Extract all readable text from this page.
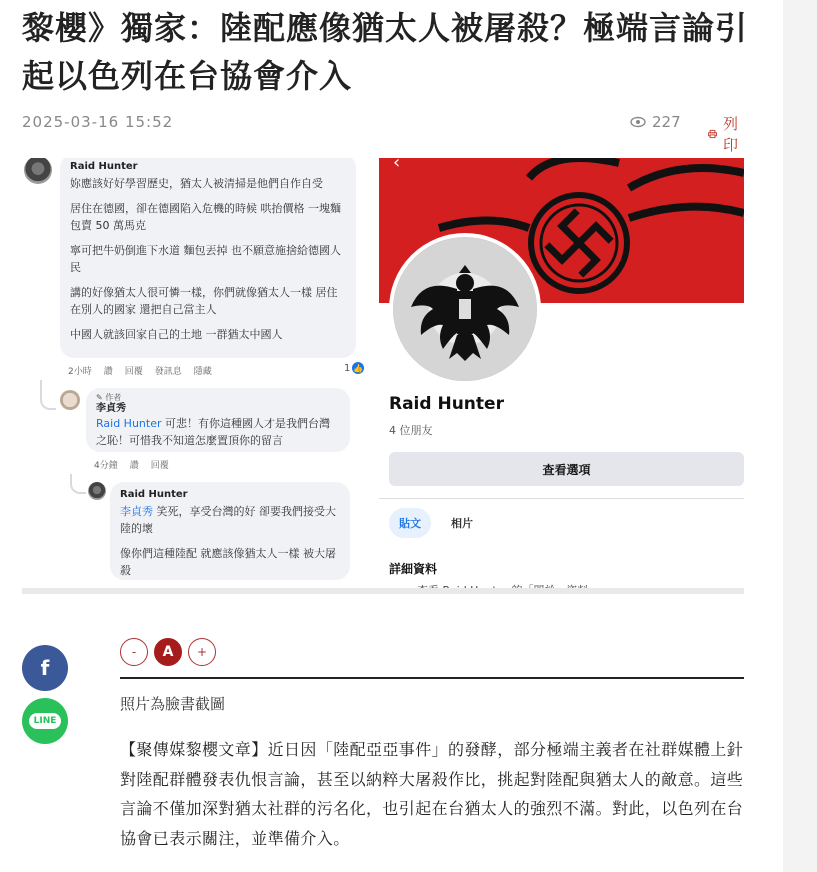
黎櫻》獨家：陸配應像猶太人被屠殺？極端言論引起以色列在台協會介入
2025-03-16 15:52	227	列 印
Raid Hunter

妳應該好好學習歷史，猶太人被清掃是他們自作自受

居住在德國，卻在德國陷入危機的時候 哄抬價格 一塊麵包賣 50 萬馬克

寧可把牛奶倒進下水道 麵包丟掉 也不願意施捨給德國人民

講的好像猶太人很可憐一樣，你們就像猶太人一樣 居住在別人的國家 還把自己當主人

中國人就該回家自己的土地 一群猶太中國人

2小時 讚 回覆 發訊息 隱藏	1 👍
✎ 作者
李貞秀
Raid Hunter 可悲！有你這種國人才是我們台灣之恥！可惜我不知道怎麼置頂你的留言
4分鐘 讚 回覆
Raid Hunter

李貞秀 笑死，享受台灣的好 卻要我們接受大陸的壞

像你們這種陸配 就應該像猶太人一樣 被大屠殺

‹
Raid Hunter
4 位朋友
查看選項
貼文	相片
詳細資料
f
LINE
-	A	+
照片為臉書截圖

【聚傳媒黎櫻文章】近日因「陸配亞亞事件」的發酵，部分極端主義者在社群媒體上針對陸配群體發表仇恨言論，甚至以納粹大屠殺作比，挑起對陸配與猶太人的敵意。這些言論不僅加深對猶太社群的污名化，也引起在台猶太人的強烈不滿。對此，以色列在台協會已表示關注，並準備介入。
